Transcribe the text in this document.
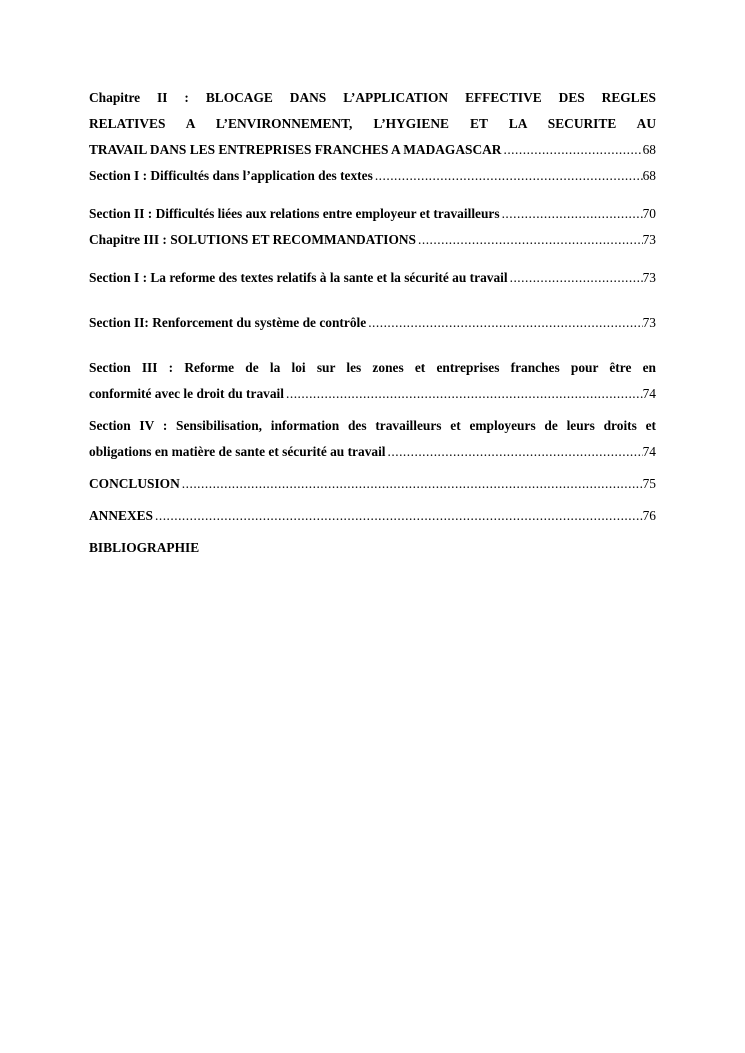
Chapitre II : BLOCAGE DANS L’APPLICATION EFFECTIVE DES REGLES
RELATIVES A L’ENVIRONNEMENT, L’HYGIENE ET LA SECURITE AU
TRAVAIL DANS LES ENTREPRISES FRANCHES A MADAGASCAR .....	68
Section I : Difficultés dans l’application des textes .....	68
Section II : Difficultés liées aux relations entre employeur et travailleurs .....	70
Chapitre III : SOLUTIONS ET RECOMMANDATIONS .....	73
Section I : La reforme des textes relatifs à la sante et la sécurité au travail .....	73
Section II: Renforcement du système de contrôle .....	73
Section III : Reforme de la loi sur les zones et entreprises franches pour être en
conformité avec le droit du travail .....	74
Section IV : Sensibilisation, information des travailleurs et employeurs de leurs droits et
obligations en matière de sante et sécurité au travail .....	74
CONCLUSION .....	75
ANNEXES .....	76
BIBLIOGRAPHIE
